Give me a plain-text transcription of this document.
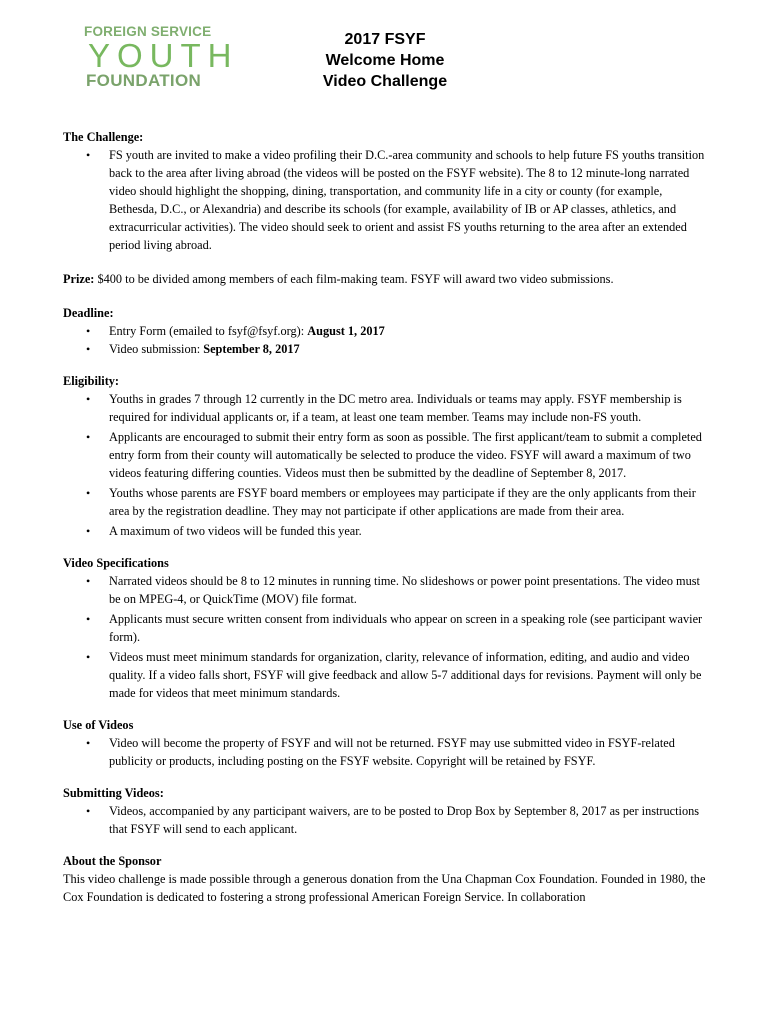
FOREIGN SERVICE
YOUTH
FOUNDATION
2017 FSYF
Welcome Home
Video Challenge
The Challenge:
• FS youth are invited to make a video profiling their D.C.-area community and schools to help future FS youths transition back to the area after living abroad (the videos will be posted on the FSYF website). The 8 to 12 minute-long narrated video should highlight the shopping, dining, transportation, and community life in a city or county (for example, Bethesda, D.C., or Alexandria) and describe its schools (for example, availability of IB or AP classes, athletics, and extracurricular activities). The video should seek to orient and assist FS youths returning to the area after an extended period living abroad.

Prize: $400 to be divided among members of each film-making team. FSYF will award two video submissions.

Deadline:
• Entry Form (emailed to fsyf@fsyf.org): August 1, 2017
• Video submission: September 8, 2017
Eligibility:
• Youths in grades 7 through 12 currently in the DC metro area. Individuals or teams may apply. FSYF membership is required for individual applicants or, if a team, at least one team member. Teams may include non-FS youth.
• Applicants are encouraged to submit their entry form as soon as possible. The first applicant/team to submit a completed entry form from their county will automatically be selected to produce the video. FSYF will award a maximum of two videos featuring differing counties. Videos must then be submitted by the deadline of September 8, 2017.
• Youths whose parents are FSYF board members or employees may participate if they are the only applicants from their area by the registration deadline. They may not participate if other applications are made from their area.
• A maximum of two videos will be funded this year.
Video Specifications
• Narrated videos should be 8 to 12 minutes in running time. No slideshows or power point presentations. The video must be on MPEG-4, or QuickTime (MOV) file format.
• Applicants must secure written consent from individuals who appear on screen in a speaking role (see participant wavier form).
• Videos must meet minimum standards for organization, clarity, relevance of information, editing, and audio and video quality. If a video falls short, FSYF will give feedback and allow 5-7 additional days for revisions. Payment will only be made for videos that meet minimum standards.
Use of Videos
• Video will become the property of FSYF and will not be returned. FSYF may use submitted video in FSYF-related publicity or products, including posting on the FSYF website. Copyright will be retained by FSYF.
Submitting Videos:
• Videos, accompanied by any participant waivers, are to be posted to Drop Box by September 8, 2017 as per instructions that FSYF will send to each applicant.
About the Sponsor

This video challenge is made possible through a generous donation from the Una Chapman Cox Foundation. Founded in 1980, the Cox Foundation is dedicated to fostering a strong professional American Foreign Service. In collaboration
